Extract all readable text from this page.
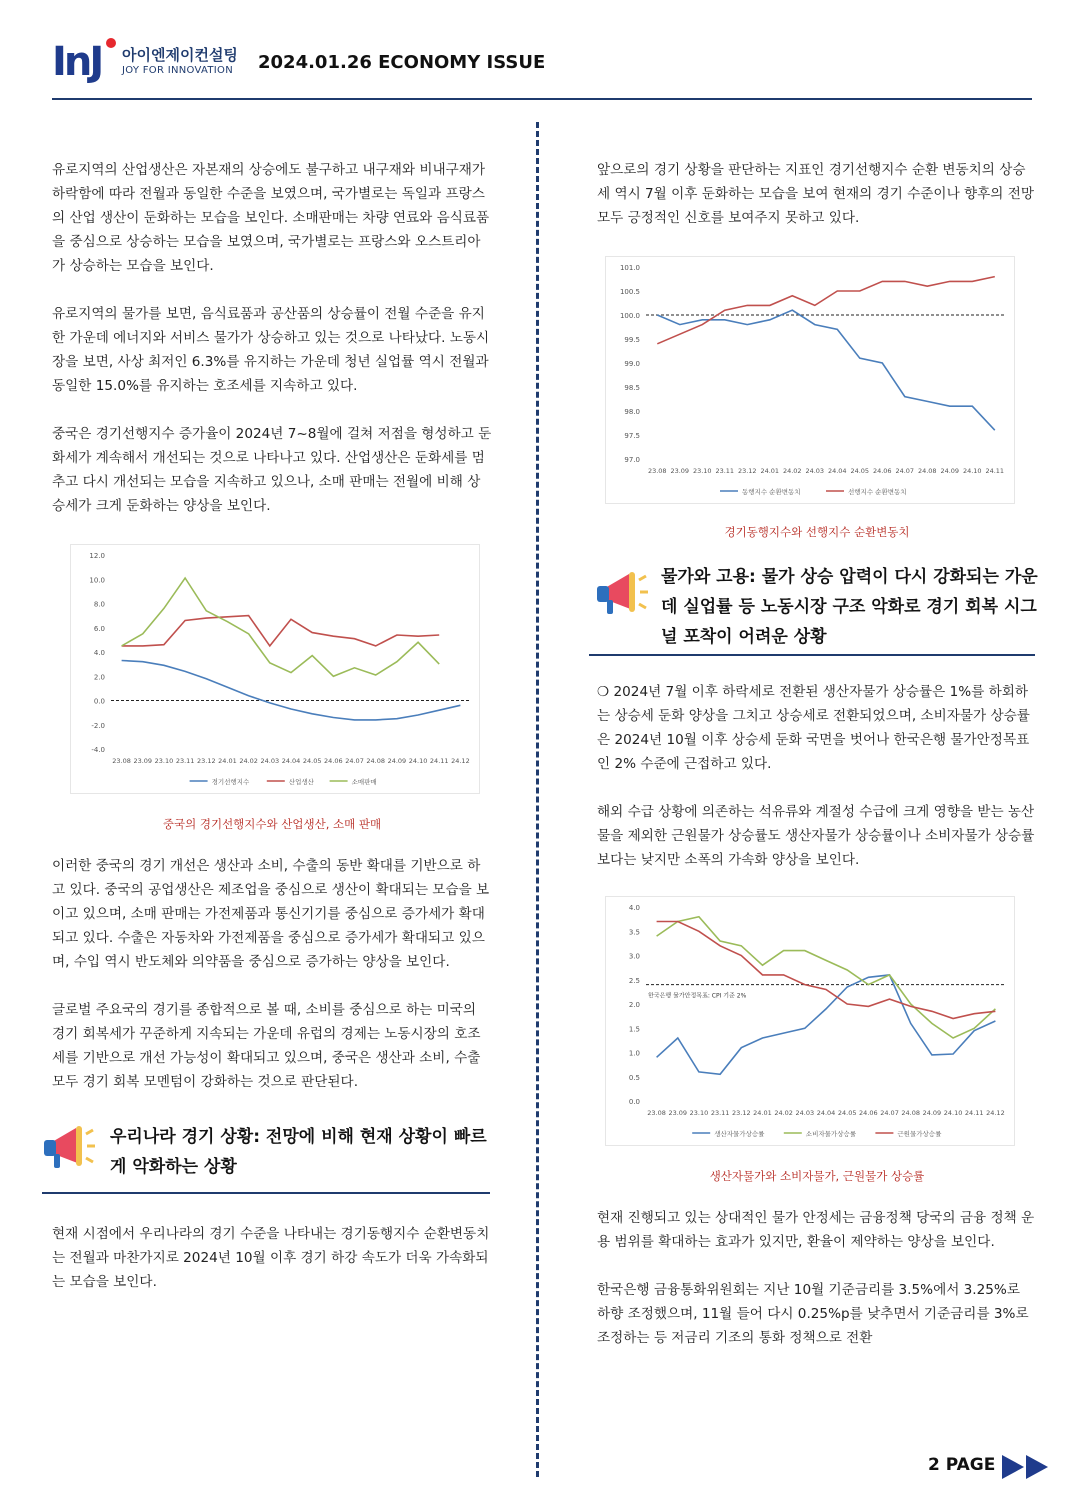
InJ 아이엔제이컨설팅
JOY FOR INNOVATION 2024.01.26 ECONOMY ISSUE

유로지역의 산업생산은 자본재의 상승에도 불구하고 내구재와 비내구재가 하락함에 따라 전월과 동일한 수준을 보였으며, 국가별로는 독일과 프랑스의 산업 생산이 둔화하는 모습을 보인다. 소매판매는 차량 연료와 음식료품을 중심으로 상승하는 모습을 보였으며, 국가별로는 프랑스와 오스트리아가 상승하는 모습을 보인다.

유로지역의 물가를 보면, 음식료품과 공산품의 상승률이 전월 수준을 유지한 가운데 에너지와 서비스 물가가 상승하고 있는 것으로 나타났다. 노동시장을 보면, 사상 최저인 6.3%를 유지하는 가운데 청년 실업률 역시 전월과 동일한 15.0%를 유지하는 호조세를 지속하고 있다.

중국은 경기선행지수 증가율이 2024년 7~8월에 걸쳐 저점을 형성하고 둔화세가 계속해서 개선되는 것으로 나타나고 있다. 산업생산은 둔화세를 멈추고 다시 개선되는 모습을 지속하고 있으나, 소매 판매는 전월에 비해 상승세가 크게 둔화하는 양상을 보인다.

12.0
10.0
8.0
6.0
4.0
2.0
0.0
-2.0
-4.0
23.08 23.09 23.10 23.11 23.12 24.01 24.02 24.03 24.04 24.05 24.06 24.07 24.08 24.09 24.10 24.11 24.12
경기선행지수	산업생산	소매판매
중국의 경기선행지수와 산업생산, 소매 판매

이러한 중국의 경기 개선은 생산과 소비, 수출의 동반 확대를 기반으로 하고 있다. 중국의 공업생산은 제조업을 중심으로 생산이 확대되는 모습을 보이고 있으며, 소매 판매는 가전제품과 통신기기를 중심으로 증가세가 확대되고 있다. 수출은 자동차와 가전제품을 중심으로 증가세가 확대되고 있으며, 수입 역시 반도체와 의약품을 중심으로 증가하는 양상을 보인다.

글로벌 주요국의 경기를 종합적으로 볼 때, 소비를 중심으로 하는 미국의 경기 회복세가 꾸준하게 지속되는 가운데 유럽의 경제는 노동시장의 호조세를 기반으로 개선 가능성이 확대되고 있으며, 중국은 생산과 소비, 수출 모두 경기 회복 모멘텀이 강화하는 것으로 판단된다.

우리나라 경기 상황: 전망에 비해 현재 상황이 빠르게 악화하는 상황

현재 시점에서 우리나라의 경기 수준을 나타내는 경기동행지수 순환변동치는 전월과 마찬가지로 2024년 10월 이후 경기 하강 속도가 더욱 가속화되는 모습을 보인다.

앞으로의 경기 상황을 판단하는 지표인 경기선행지수 순환 변동치의 상승세 역시 7월 이후 둔화하는 모습을 보여 현재의 경기 수준이나 향후의 전망 모두 긍정적인 신호를 보여주지 못하고 있다.

101.0
100.5
100.0
99.5
99.0
98.5
98.0
97.5
97.0
23.08 23.09 23.10 23.11 23.12 24.01 24.02 24.03 24.04 24.05 24.06 24.07 24.08 24.09 24.10 24.11
동행지수 순환변동치	선행지수 순환변동치
경기동행지수와 선행지수 순환변동치
물가와 고용: 물가 상승 압력이 다시 강화되는 가운데 실업률 등 노동시장 구조 악화로 경기 회복 시그널 포착이 어려운 상황

❍ 2024년 7월 이후 하락세로 전환된 생산자물가 상승률은 1%를 하회하는 상승세 둔화 양상을 그치고 상승세로 전환되었으며, 소비자물가 상승률은 2024년 10월 이후 상승세 둔화 국면을 벗어나 한국은행 물가안정목표인 2% 수준에 근접하고 있다.

해외 수급 상황에 의존하는 석유류와 계절성 수급에 크게 영향을 받는 농산물을 제외한 근원물가 상승률도 생산자물가 상승률이나 소비자물가 상승률보다는 낮지만 소폭의 가속화 양상을 보인다.

4.0
3.5
3.0
2.5
2.0
1.5
1.0
0.5
0.0
23.08 23.09 23.10 23.11 23.12 24.01 24.02 24.03 24.04 24.05 24.06 24.07 24.08 24.09 24.10 24.11 24.12
한국은행 물가안정목표: CPI 기준 2%
생산자물가상승률	소비자물가상승률	근원물가상승률
생산자물가와 소비자물가, 근원물가 상승률

현재 진행되고 있는 상대적인 물가 안정세는 금융정책 당국의 금융 정책 운용 범위를 확대하는 효과가 있지만, 환율이 제약하는 양상을 보인다.

한국은행 금융통화위원회는 지난 10월 기준금리를 3.5%에서 3.25%로 하향 조정했으며, 11월 들어 다시 0.25%p를 낮추면서 기준금리를 3%로 조정하는 등 저금리 기조의 통화 정책으로 전환

2 PAGE
